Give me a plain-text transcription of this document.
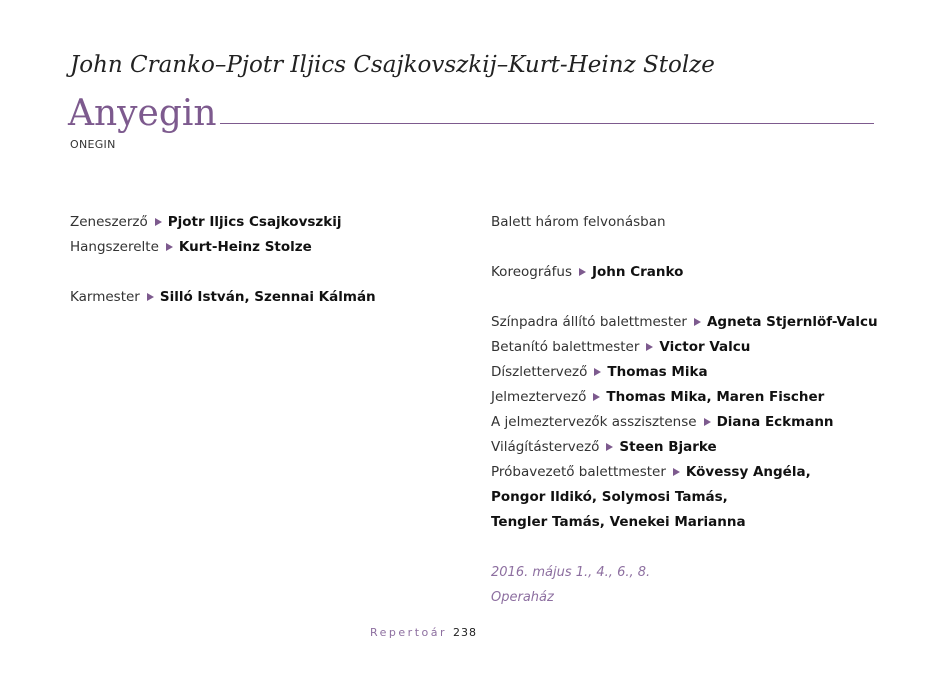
John Cranko–Pjotr Iljics Csajkovszkij–Kurt-Heinz Stolze
Anyegin
ONEGIN
Zeneszerző Pjotr Iljics Csajkovszkij
Hangszerelte Kurt-Heinz Stolze
Karmester Silló István, Szennai Kálmán
Balett három felvonásban
Koreográfus John Cranko
Színpadra állító balettmester Agneta Stjernlöf-Valcu
Betanító balettmester Victor Valcu
Díszlettervező Thomas Mika
Jelmeztervező Thomas Mika, Maren Fischer
A jelmeztervezők asszisztense Diana Eckmann
Világítástervező Steen Bjarke
Próbavezető balettmester Kövessy Angéla,
Pongor Ildikó, Solymosi Tamás,
Tengler Tamás, Venekei Marianna
2016. május 1., 4., 6., 8.
Operaház
Repertoár 238
